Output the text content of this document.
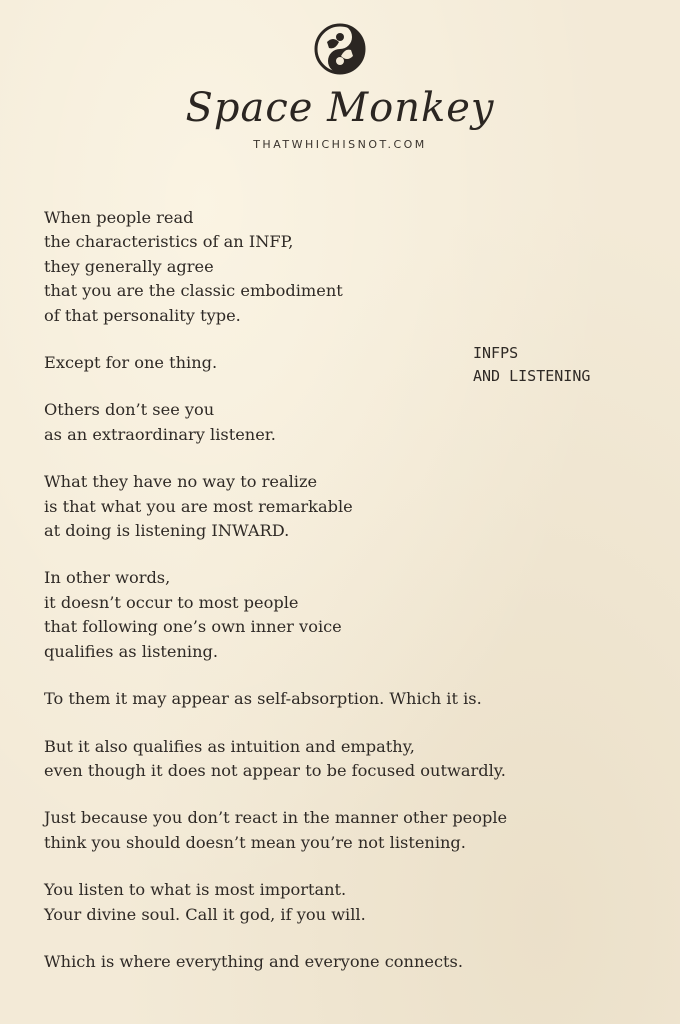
Space Monkey
THATWHICHISNOT.COM
INFPS
AND LISTENING
When people read
the characteristics of an INFP,
they generally agree
that you are the classic embodiment
of that personality type.
Except for one thing.
Others don’t see you
as an extraordinary listener.
What they have no way to realize
is that what you are most remarkable
at doing is listening INWARD.
In other words,
it doesn’t occur to most people
that following one’s own inner voice
qualifies as listening.
To them it may appear as self-absorption. Which it is.
But it also qualifies as intuition and empathy,
even though it does not appear to be focused outwardly.
Just because you don’t react in the manner other people
think you should doesn’t mean you’re not listening.
You listen to what is most important.
Your divine soul. Call it god, if you will.
Which is where everything and everyone connects.
